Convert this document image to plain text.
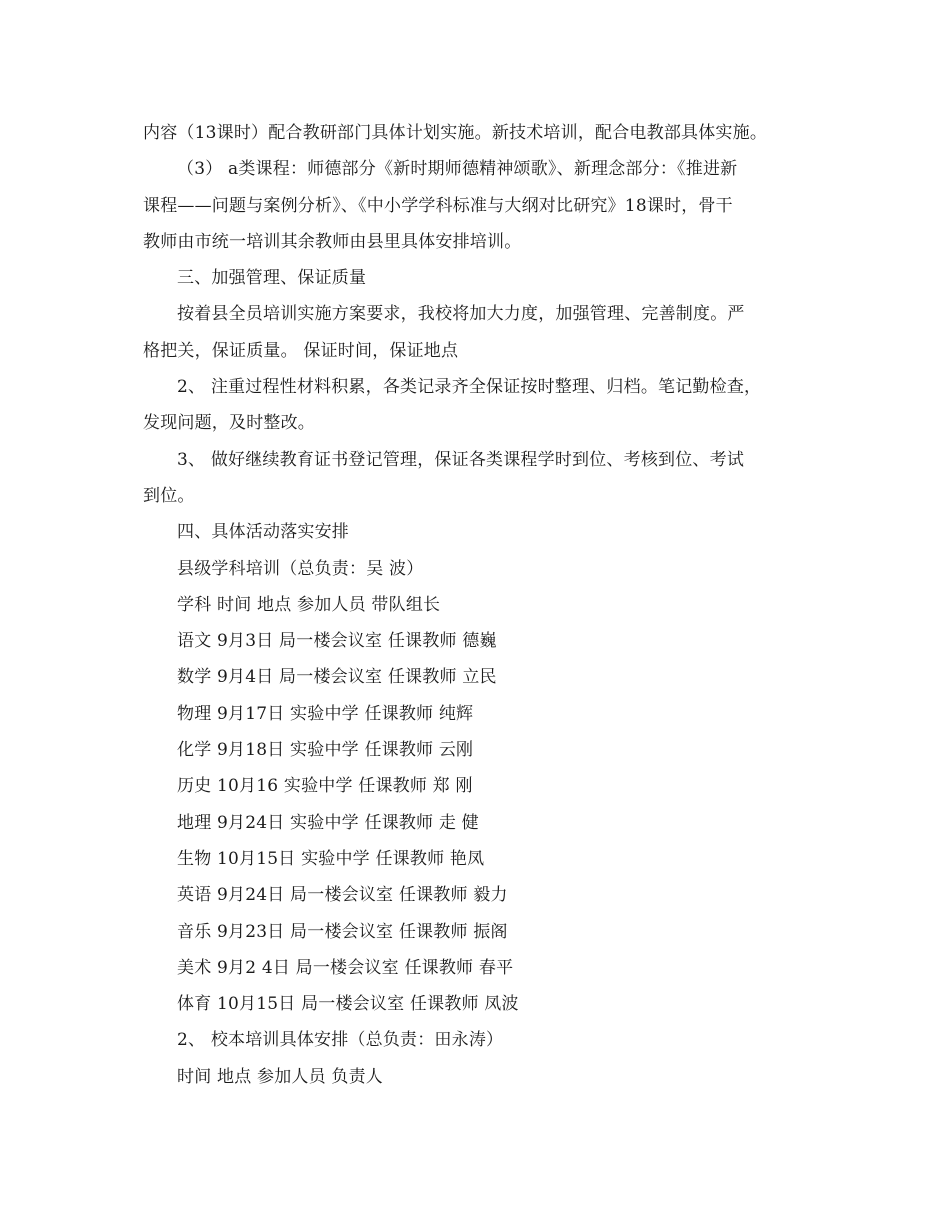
内容（13课时）配合教研部门具体计划实施。新技术培训，配合电教部具体实施。
（3） a类课程：师德部分《新时期师德精神颂歌》、新理念部分：《推进新
课程——问题与案例分析》、《中小学学科标准与大纲对比研究》18课时，骨干
教师由市统一培训其余教师由县里具体安排培训。
三、加强管理、保证质量
按着县全员培训实施方案要求，我校将加大力度，加强管理、完善制度。严
格把关，保证质量。 保证时间，保证地点
2、 注重过程性材料积累，各类记录齐全保证按时整理、归档。笔记勤检查，
发现问题，及时整改。
3、 做好继续教育证书登记管理，保证各类课程学时到位、考核到位、考试
到位。
四、具体活动落实安排
县级学科培训（总负责：吴 波）
学科 时间 地点 参加人员 带队组长
语文 9月3日 局一楼会议室 任课教师 德巍
数学 9月4日 局一楼会议室 任课教师 立民
物理 9月17日 实验中学 任课教师 纯辉
化学 9月18日 实验中学 任课教师 云刚
历史 10月16 实验中学 任课教师 郑 刚
地理 9月24日 实验中学 任课教师 走 健
生物 10月15日 实验中学 任课教师 艳凤
英语 9月24日 局一楼会议室 任课教师 毅力
音乐 9月23日 局一楼会议室 任课教师 振阁
美术 9月2 4日 局一楼会议室 任课教师 春平
体育 10月15日 局一楼会议室 任课教师 凤波
2、 校本培训具体安排（总负责：田永涛）
时间 地点 参加人员 负责人
